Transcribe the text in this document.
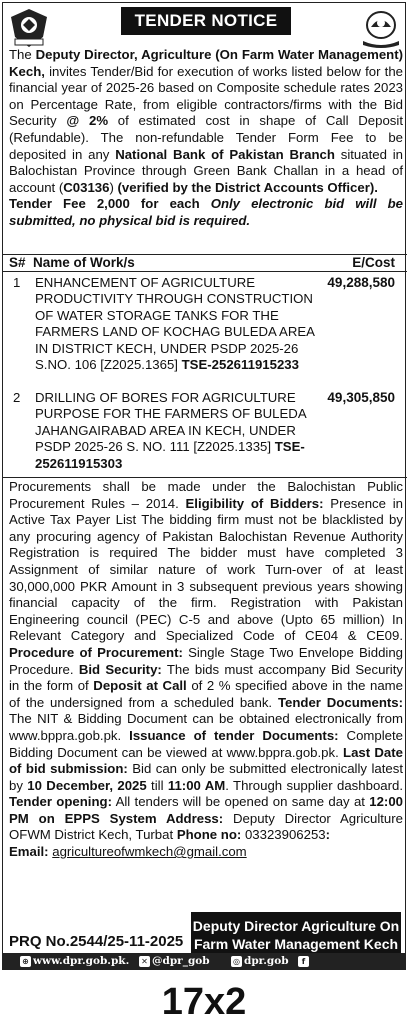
TENDER NOTICE
The Deputy Director, Agriculture (On Farm Water Management) Kech, invites Tender/Bid for execution of works listed below for the financial year of 2025-26 based on Composite schedule rates 2023 on Percentage Rate, from eligible contractors/firms with the Bid Security @ 2% of estimated cost in shape of Call Deposit (Refundable). The non-refundable Tender Form Fee to be deposited in any National Bank of Pakistan Branch situated in Balochistan Province through Green Bank Challan in a head of account (C03136) (verified by the District Accounts Officer).
Tender Fee 2,000 for each Only electronic bid will be submitted, no physical bid is required.
S# Name of Work/s	E/Cost
1 ENHANCEMENT OF AGRICULTURE PRODUCTIVITY THROUGH CONSTRUCTION OF WATER STORAGE TANKS FOR THE FARMERS LAND OF KOCHAG BULEDA AREA IN DISTRICT KECH, UNDER PSDP 2025-26 S.NO. 106 [Z2025.1365] TSE-252611915233
49,288,580
2 DRILLING OF BORES FOR AGRICULTURE PURPOSE FOR THE FARMERS OF BULEDA JAHANGAIRABAD AREA IN KECH, UNDER PSDP 2025-26 S. NO. 111 [Z2025.1335] TSE-252611915303
49,305,850
Procurements shall be made under the Balochistan Public Procurement Rules – 2014. Eligibility of Bidders: Presence in Active Tax Payer List The bidding firm must not be blacklisted by any procuring agency of Pakistan Balochistan Revenue Authority Registration is required The bidder must have completed 3 Assignment of similar nature of work Turn-over of at least 30,000,000 PKR Amount in 3 subsequent previous years showing financial capacity of the firm. Registration with Pakistan Engineering council (PEC) C-5 and above (Upto 65 million) In Relevant Category and Specialized Code of CE04 & CE09. Procedure of Procurement: Single Stage Two Envelope Bidding Procedure. Bid Security: The bids must accompany Bid Security in the form of Deposit at Call of 2 % specified above in the name of the undersigned from a scheduled bank. Tender Documents: The NIT & Bidding Document can be obtained electronically from www.bppra.gob.pk. Issuance of tender Documents: Complete Bidding Document can be viewed at www.bppra.gob.pk. Last Date of bid submission: Bid can only be submitted electronically latest by 10 December, 2025 till 11:00 AM. Through supplier dashboard. Tender opening: All tenders will be opened on same day at 12:00 PM on EPPS System Address: Deputy Director Agriculture OFWM District Kech, Turbat Phone no: 03323906253:
Email: agricultureofwmkech@gmail.com
PRQ No.2544/25-11-2025
Deputy Director Agriculture On
Farm Water Management Kech
⊕ www.dpr.gob.pk. ✕ @dpr_gob	◎ dpr.gob	f@dgpr.balochistan
17x2
